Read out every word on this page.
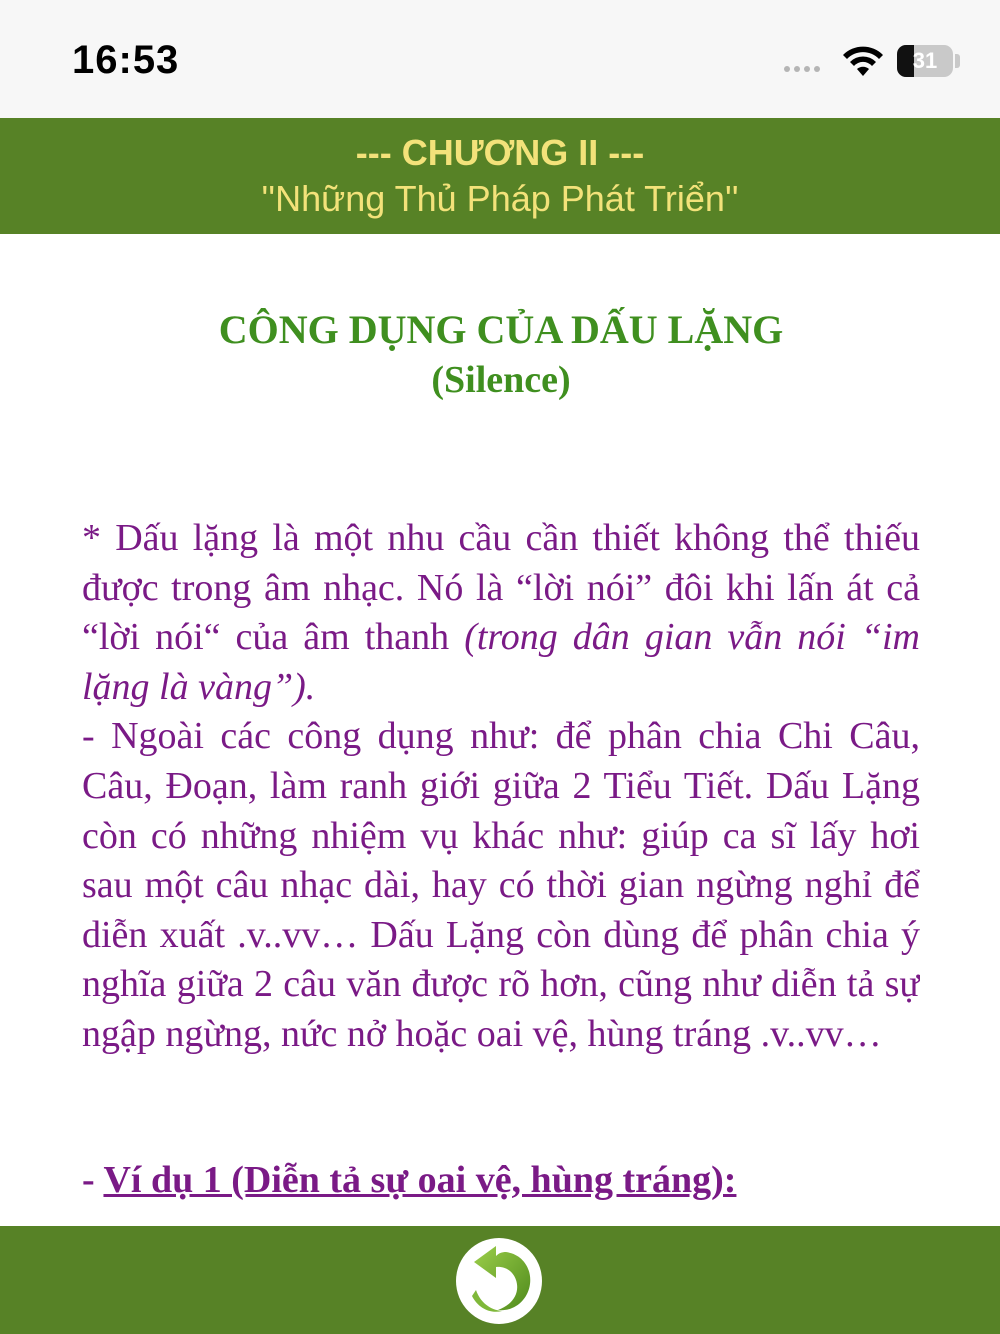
16:53	31
--- CHƯƠNG II ---
''Những Thủ Pháp Phát Triển''
CÔNG DỤNG CỦA DẤU LẶNG
(Silence)

* Dấu lặng là một nhu cầu cần thiết không thể thiếu được trong âm nhạc. Nó là “lời nói” đôi khi lấn át cả “lời nói“ của âm thanh (trong dân gian vẫn nói “im lặng là vàng”).

- Ngoài các công dụng như: để phân chia Chi Câu, Câu, Đoạn, làm ranh giới giữa 2 Tiểu Tiết. Dấu Lặng còn có những nhiệm vụ khác như: giúp ca sĩ lấy hơi sau một câu nhạc dài, hay có thời gian ngừng nghỉ để diễn xuất .v..vv… Dấu Lặng còn dùng để phân chia ý nghĩa giữa 2 câu văn được rõ hơn, cũng như diễn tả sự ngập ngừng, nức nở hoặc oai vệ, hùng tráng .v..vv…

- Ví dụ 1 (Diễn tả sự oai vệ, hùng tráng):
